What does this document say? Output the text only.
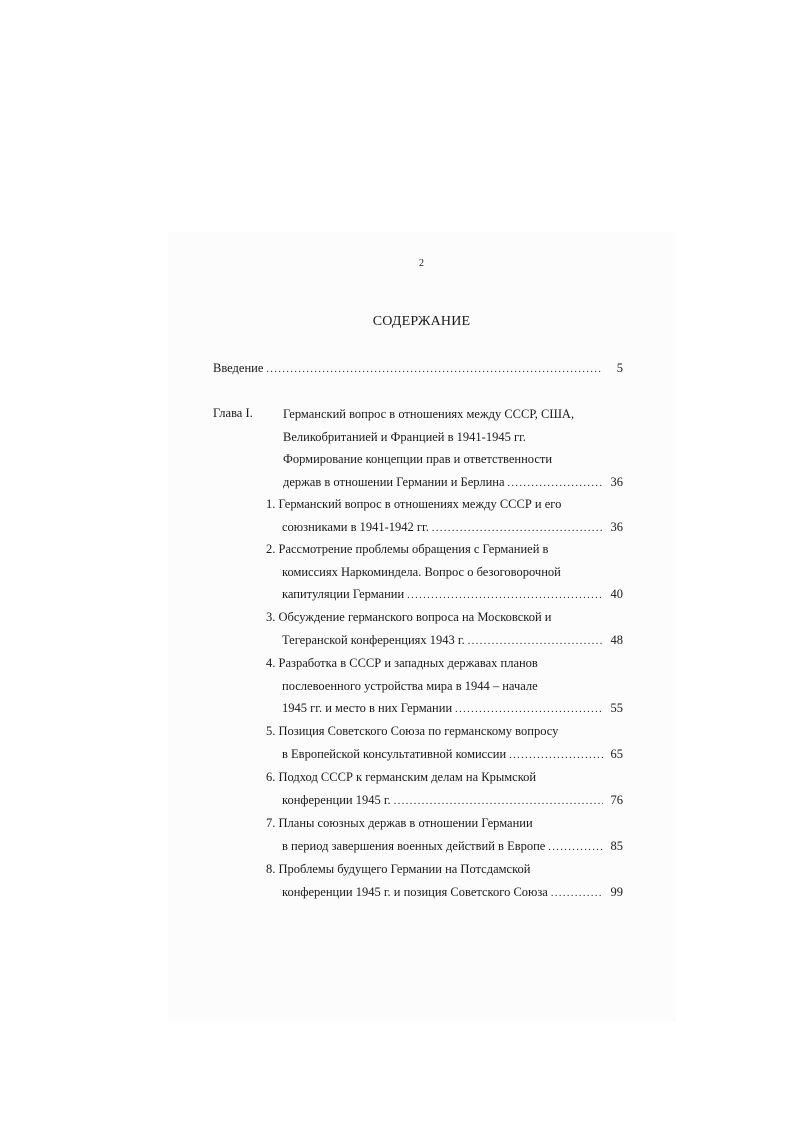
2
СОДЕРЖАНИЕ
Введение .....	5
Глава I. Германский вопрос в отношениях между СССР, США,
Великобританией и Францией в 1941-1945 гг.
Формирование концепции прав и ответственности
держав в отношении Германии и Берлина .....	36
1. Германский вопрос в отношениях между СССР и его
союзниками в 1941-1942 гг. .....	36
2. Рассмотрение проблемы обращения с Германией в
комиссиях Наркоминдела. Вопрос о безоговорочной
капитуляции Германии .....	40
3. Обсуждение германского вопроса на Московской и
Тегеранской конференциях 1943 г. .....	48
4. Разработка в СССР и западных державах планов
послевоенного устройства мира в 1944 – начале
1945 гг. и место в них Германии .....	55
5. Позиция Советского Союза по германскому вопросу
в Европейской консультативной комиссии .....	65
6. Подход СССР к германским делам на Крымской
конференции 1945 г. .....	76
7. Планы союзных держав в отношении Германии
в период завершения военных действий в Европе .....	85
8. Проблемы будущего Германии на Потсдамской
конференции 1945 г. и позиция Советского Союза .....	99
